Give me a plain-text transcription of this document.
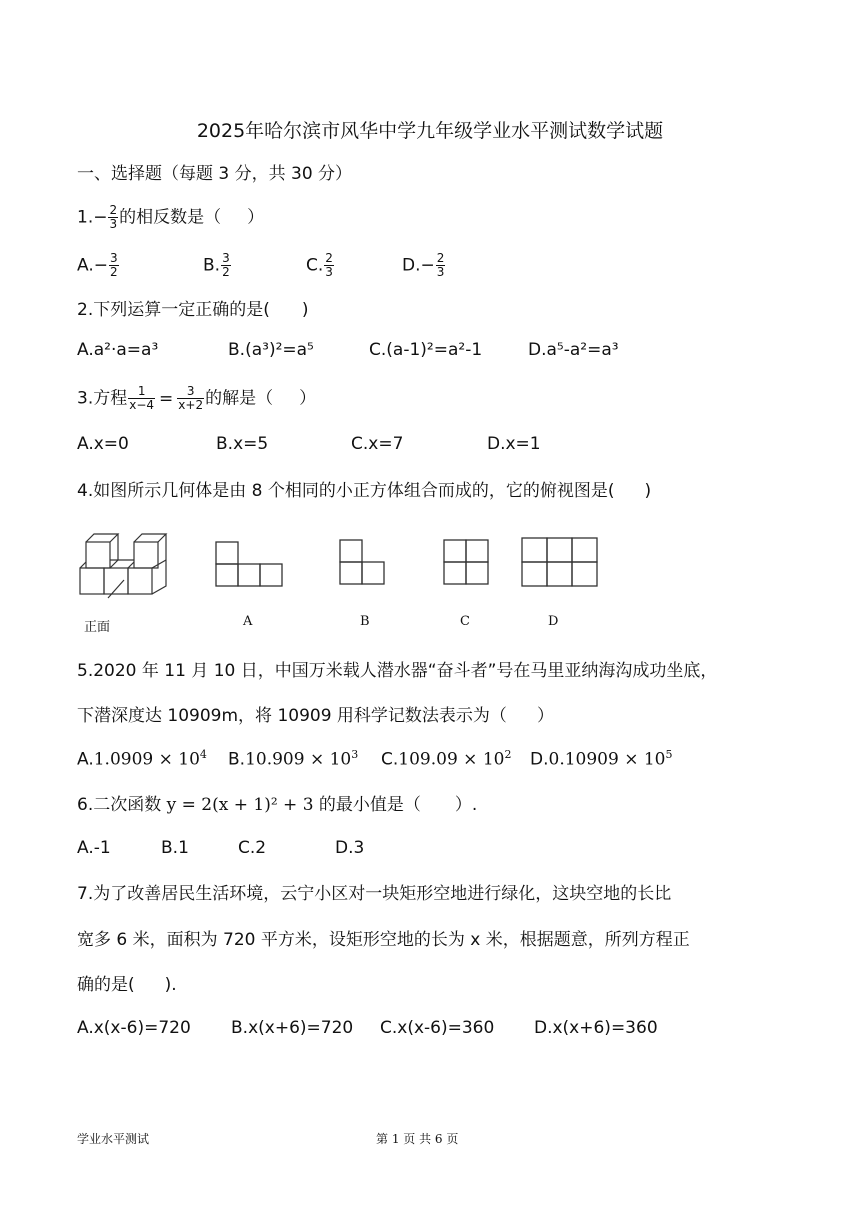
2025年哈尔滨市风华中学九年级学业水平测试数学试题
一、选择题（每题 3 分，共 30 分）
$1.- \frac{2}{3}$ 的相反数是（ ）
$A.- \frac{3}{2}$	B. $\frac{3}{2}$	C. $\frac{2}{3}$	$D.- \frac{2}{3}$
2.下列运算一定正确的是( )
A.a²·a=a³	B.(a³)²=a⁵	C.(a-1)²=a²-1	D.a⁵-a²=a³
3.方程 $\frac{1}{x-4} = \frac{3}{x+2}$ 的解是（ ）
A.x=0	B.x=5	C.x=7	D.x=1
4.如图所示几何体是由 8 个相同的小正方体组合而成的，它的俯视图是( )
正面	A	B	C	D
5.2020 年 11 月 10 日，中国万米载人潜水器“奋斗者”号在马里亚纳海沟成功坐底，
下潜深度达 10909m，将 10909 用科学记数法表示为（ ）
$A.1.0909 \times 10^4$ $B.10.909 \times 10^3$ $C.109.09 \times 10^2$ $D.0.10909 \times 10^5$
6.二次函数 y = 2(x + 1)² + 3 的最小值是（ ）.
A.-1	B.1	C.2	D.3
7.为了改善居民生活环境，云宁小区对一块矩形空地进行绿化，这块空地的长比
宽多 6 米，面积为 720 平方米，设矩形空地的长为 x 米，根据题意，所列方程正
确的是( ).
A.x(x-6)=720 B.x(x+6)=720 C.x(x-6)=360 D.x(x+6)=360
学业水平测试	第 1 页 共 6 页
